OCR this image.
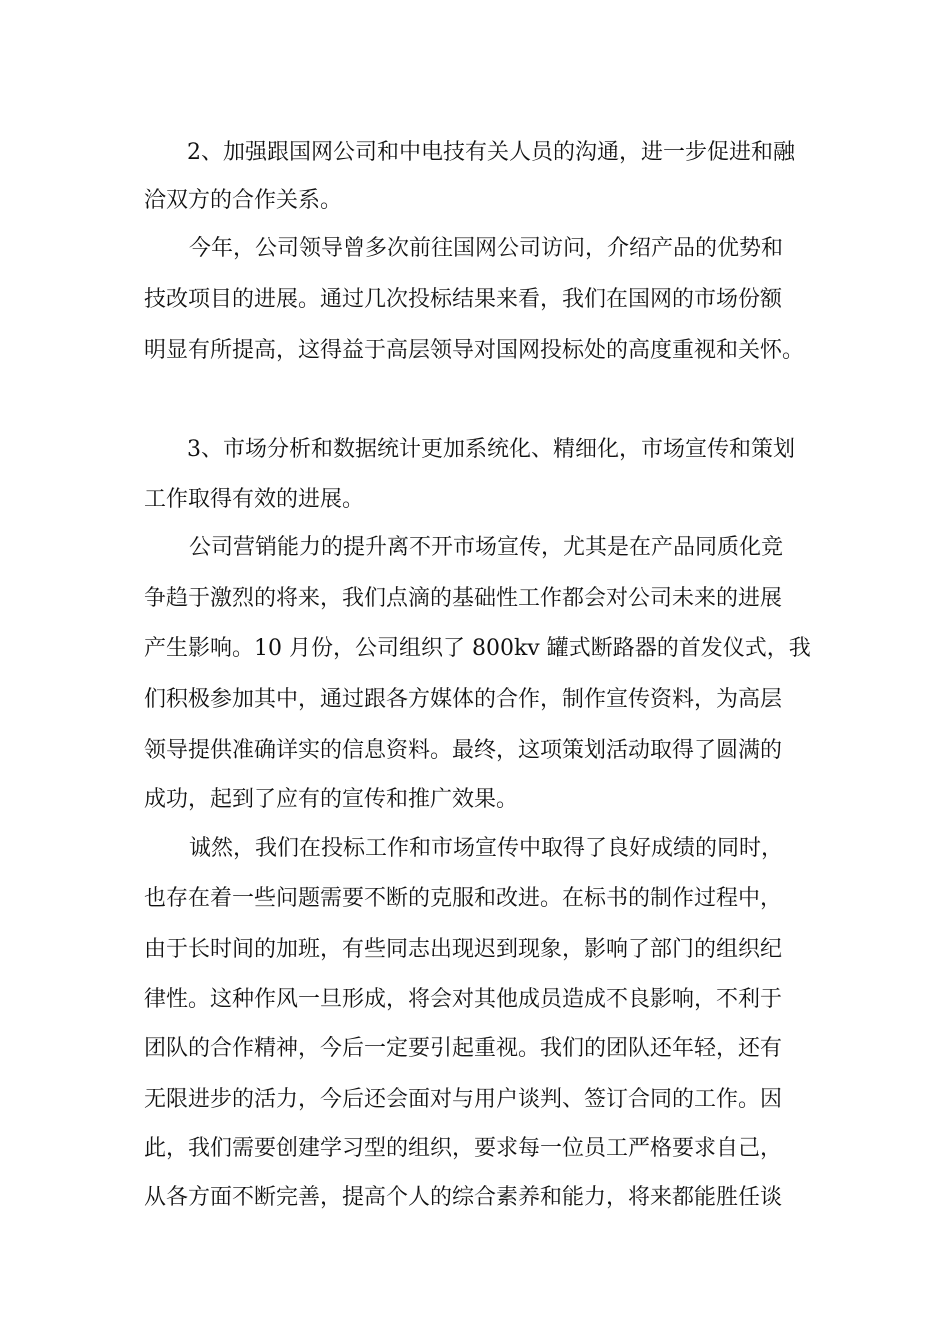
2、加强跟国网公司和中电技有关人员的沟通，进一步促进和融
洽双方的合作关系。
今年，公司领导曾多次前往国网公司访问，介绍产品的优势和
技改项目的进展。通过几次投标结果来看，我们在国网的市场份额
明显有所提高，这得益于高层领导对国网投标处的高度重视和关怀。
3、市场分析和数据统计更加系统化、精细化，市场宣传和策划
工作取得有效的进展。
公司营销能力的提升离不开市场宣传，尤其是在产品同质化竞
争趋于激烈的将来，我们点滴的基础性工作都会对公司未来的进展
产生影响。10 月份，公司组织了 800kv 罐式断路器的首发仪式，我
们积极参加其中，通过跟各方媒体的合作，制作宣传资料，为高层
领导提供准确详实的信息资料。最终，这项策划活动取得了圆满的
成功，起到了应有的宣传和推广效果。
诚然，我们在投标工作和市场宣传中取得了良好成绩的同时，
也存在着一些问题需要不断的克服和改进。在标书的制作过程中，
由于长时间的加班，有些同志出现迟到现象，影响了部门的组织纪
律性。这种作风一旦形成，将会对其他成员造成不良影响，不利于
团队的合作精神，今后一定要引起重视。我们的团队还年轻，还有
无限进步的活力，今后还会面对与用户谈判、签订合同的工作。因
此，我们需要创建学习型的组织，要求每一位员工严格要求自己，
从各方面不断完善，提高个人的综合素养和能力，将来都能胜任谈
